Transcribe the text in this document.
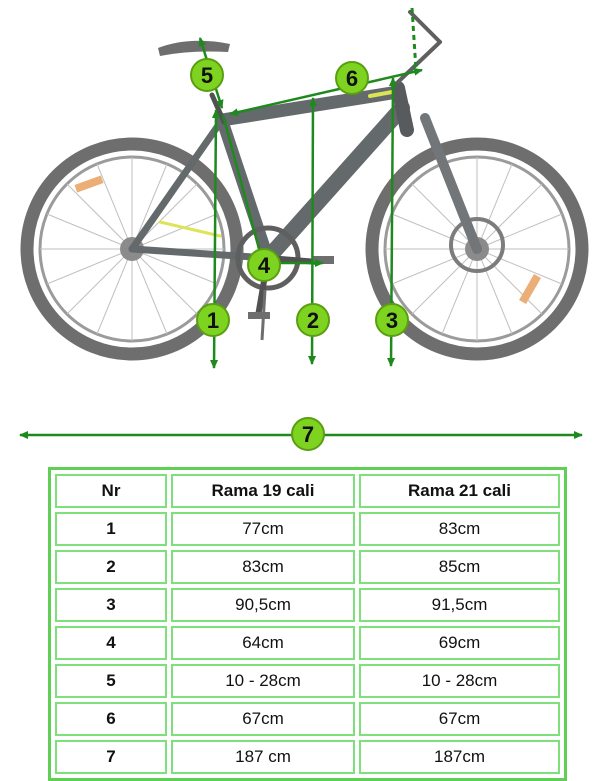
1	2	3
4
5	6
7
Nr	Rama 19 cali	Rama 21 cali
1	77cm	83cm
2	83cm	85cm
3	90,5cm	91,5cm
4	64cm	69cm
5	10 - 28cm	10 - 28cm
6	67cm	67cm
7	187 cm	187cm
